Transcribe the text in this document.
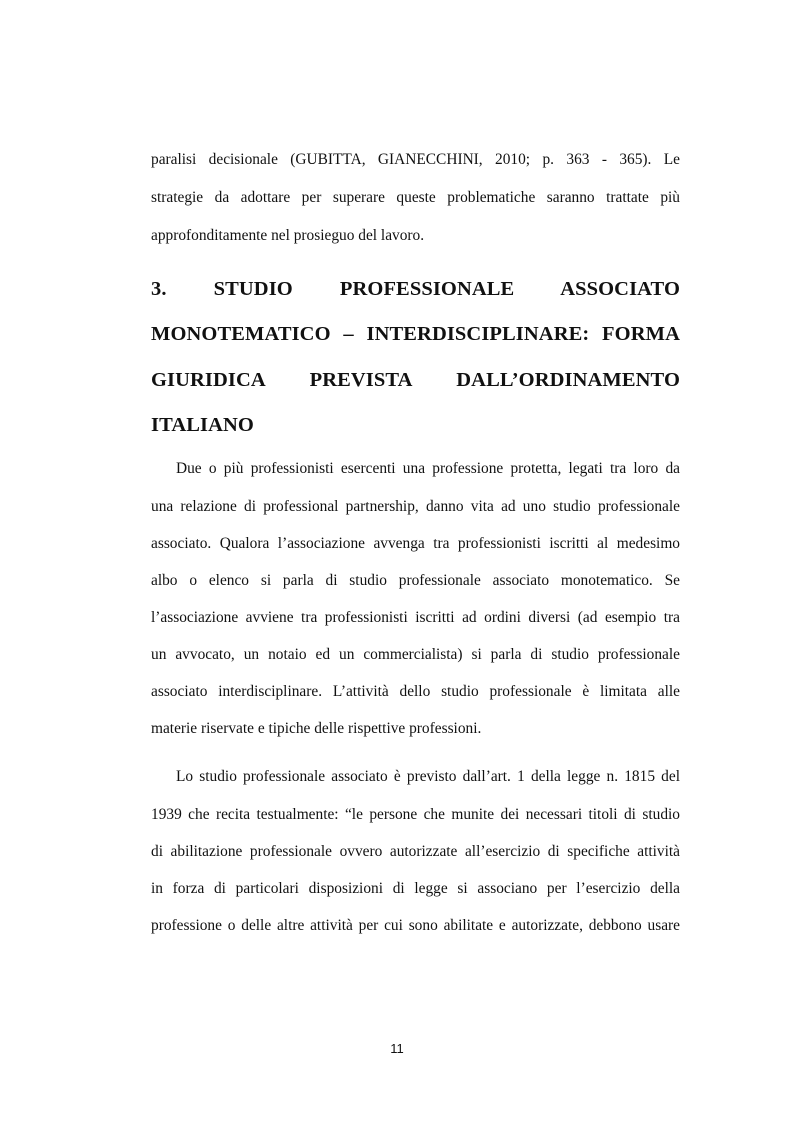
paralisi decisionale (GUBITTA, GIANECCHINI, 2010; p. 363 - 365). Le
strategie da adottare per superare queste problematiche saranno trattate più
approfonditamente nel prosieguo del lavoro.
3. STUDIO PROFESSIONALE ASSOCIATO
MONOTEMATICO – INTERDISCIPLINARE: FORMA
GIURIDICA PREVISTA DALL’ORDINAMENTO
ITALIANO
Due o più professionisti esercenti una professione protetta, legati tra loro da
una relazione di professional partnership, danno vita ad uno studio professionale
associato. Qualora l’associazione avvenga tra professionisti iscritti al medesimo
albo o elenco si parla di studio professionale associato monotematico. Se
l’associazione avviene tra professionisti iscritti ad ordini diversi (ad esempio tra
un avvocato, un notaio ed un commercialista) si parla di studio professionale
associato interdisciplinare. L’attività dello studio professionale è limitata alle
materie riservate e tipiche delle rispettive professioni.
Lo studio professionale associato è previsto dall’art. 1 della legge n. 1815 del
1939 che recita testualmente: “le persone che munite dei necessari titoli di studio
di abilitazione professionale ovvero autorizzate all’esercizio di specifiche attività
in forza di particolari disposizioni di legge si associano per l’esercizio della
professione o delle altre attività per cui sono abilitate e autorizzate, debbono usare
11
